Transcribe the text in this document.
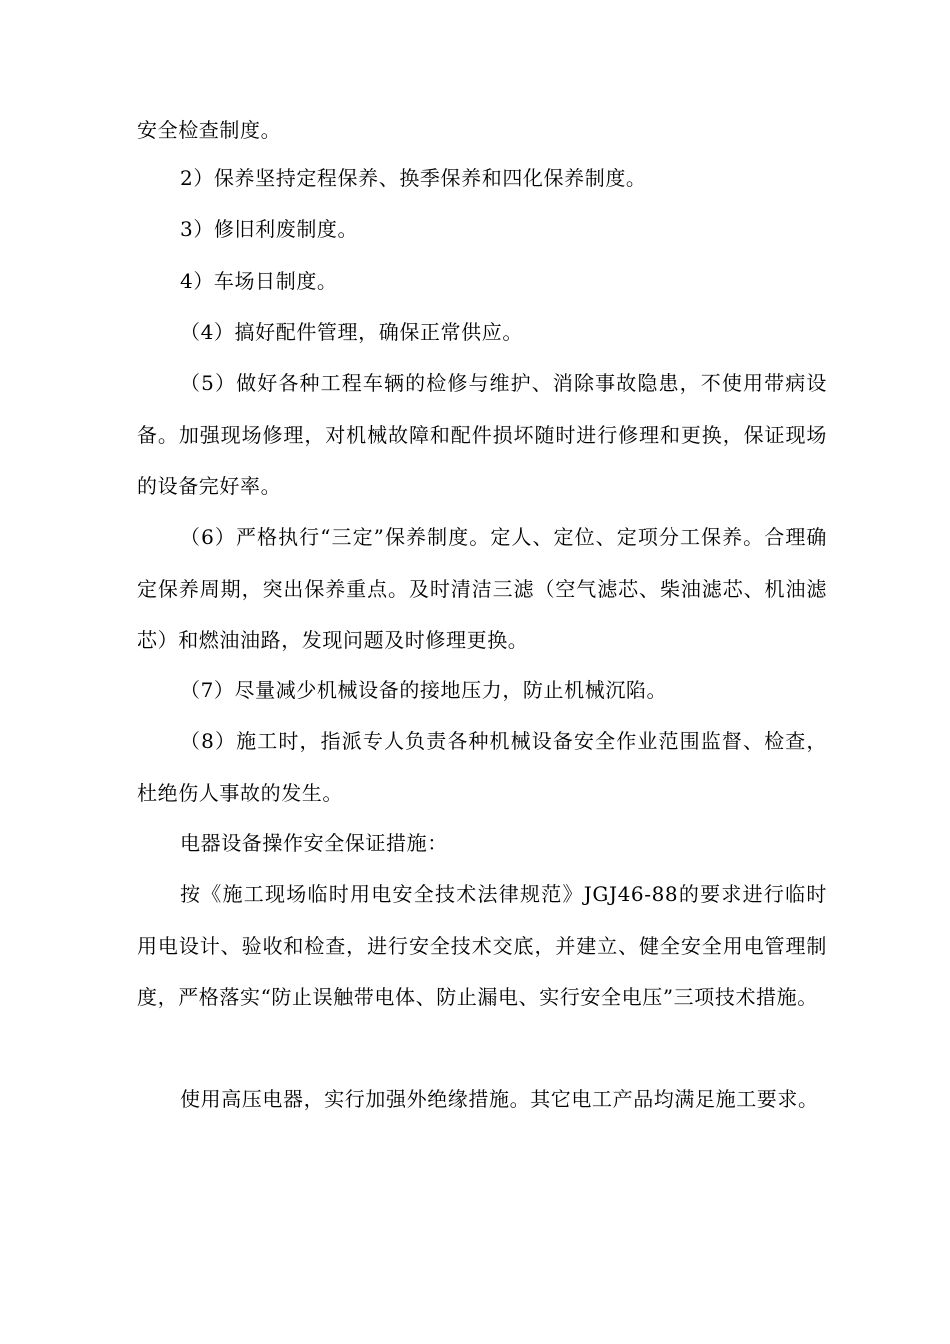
安全检查制度。

2）保养坚持定程保养、换季保养和四化保养制度。

3）修旧利废制度。

4）车场日制度。

（4）搞好配件管理，确保正常供应。

（5）做好各种工程车辆的检修与维护、消除事故隐患，不使用带病设备。加强现场修理，对机械故障和配件损坏随时进行修理和更换，保证现场的设备完好率。

（6）严格执行“三定”保养制度。定人、定位、定项分工保养。合理确定保养周期，突出保养重点。及时清洁三滤（空气滤芯、柴油滤芯、机油滤芯）和燃油油路，发现问题及时修理更换。

（7）尽量减少机械设备的接地压力，防止机械沉陷。

（8）施工时，指派专人负责各种机械设备安全作业范围监督、检查，杜绝伤人事故的发生。

电器设备操作安全保证措施：

按《施工现场临时用电安全技术法律规范》JGJ46-88的要求进行临时用电设计、验收和检查，进行安全技术交底，并建立、健全安全用电管理制度，严格落实“防止误触带电体、防止漏电、实行安全电压”三项技术措施。

使用高压电器，实行加强外绝缘措施。其它电工产品均满足施工要求。
